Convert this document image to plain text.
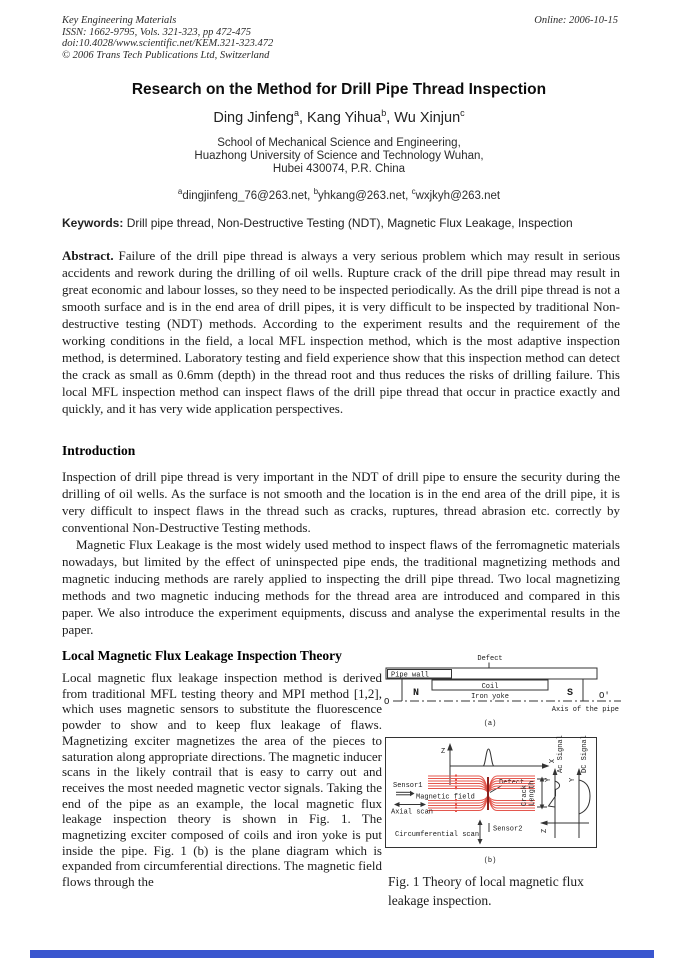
Key Engineering Materials
ISSN: 1662-9795, Vols. 321-323, pp 472-475
doi:10.4028/www.scientific.net/KEM.321-323.472
© 2006 Trans Tech Publications Ltd, Switzerland
Online: 2006-10-15
Research on the Method for Drill Pipe Thread Inspection
Ding Jinfeng$^a$, Kang Yihua$^b$, Wu Xinjun$^c$
School of Mechanical Science and Engineering,
Huazhong University of Science and Technology Wuhan,
Hubei 430074, P.R. China
$^a$dingjinfeng_76@263.net, $^b$yhkang@263.net, $^c$wxjkyh@263.net
Keywords: Drill pipe thread, Non-Destructive Testing (NDT), Magnetic Flux Leakage, Inspection
Abstract. Failure of the drill pipe thread is always a very serious problem which may result in serious accidents and rework during the drilling of oil wells. Rupture crack of the drill pipe thread may result in great economic and labour losses, so they need to be inspected periodically. As the drill pipe thread is not a smooth surface and is in the end area of drill pipes, it is very difficult to be inspected by traditional Non-destructive testing (NDT) methods. According to the experiment results and the requirement of the working conditions in the field, a local MFL inspection method, which is the most adaptive inspection method, is determined. Laboratory testing and field experience show that this inspection method can detect the crack as small as 0.6mm (depth) in the thread root and thus reduces the risks of drilling failure. This local MFL inspection method can inspect flaws of the drill pipe thread that occur in practice exactly and quickly, and it has very wide application perspectives.
Introduction

Inspection of drill pipe thread is very important in the NDT of drill pipe to ensure the security during the drilling of oil wells. As the surface is not smooth and the location is in the end area of the drill pipe, it is very difficult to inspect flaws in the thread such as cracks, ruptures, thread abrasion etc. correctly by conventional Non-Destructive Testing methods.

Magnetic Flux Leakage is the most widely used method to inspect flaws of the ferromagnetic materials nowadays, but limited by the effect of uninspected pipe ends, the traditional magnetizing methods and magnetic inducing methods are rarely applied to inspecting the drill pipe thread. Two local magnetizing methods and two magnetic inducing methods for the thread area are introduced and compared in this paper. We also introduce the experiment equipments, discuss and analyse the experimental results in the paper.

Local Magnetic Flux Leakage Inspection Theory
Local magnetic flux leakage inspection method is derived from traditional MFL testing theory and MPI method [1,2], which uses magnetic sensors to substitute the fluorescence powder to show and to keep flux leakage of flaws. Magnetizing exciter magnetizes the area of the pieces to saturation along appropriate directions. The magnetic inducer scans in the likely contrail that is easy to carry out and receives the most needed magnetic vector signals. Taking the end of the pipe as an example, the local magnetic flux leakage inspection theory is shown in Fig. 1. The magnetizing exciter composed of coils and iron yoke is put inside the pipe. Fig. 1 (b) is the plane diagram which is expanded from circumferential directions. The magnetic field flows through the
Defect
Pipe wall
N
Coil
Iron yoke	S
O
O'
Axis of the pipe
(a)
Z
X
Defect
Sensor1
Magnetic field
Axial scan
Circumferential scan
Sensor2
Crack Length
Y
Ac Signal
Y
DC Signal
Z
(b)
Fig. 1 Theory of local magnetic flux leakage inspection.
